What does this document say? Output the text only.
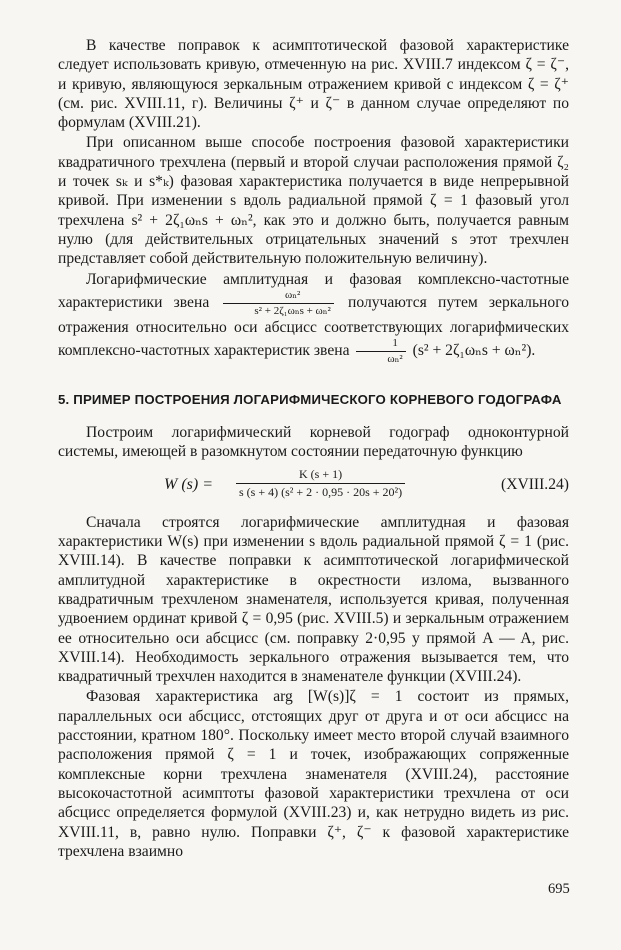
В качестве поправок к асимптотической фазовой характеристике следует использовать кривую, отмеченную на рис. XVIII.7 индексом ζ = ζ⁻, и кривую, являющуюся зеркальным отражением кривой с индексом ζ = ζ⁺ (см. рис. XVIII.11, г). Величины ζ⁺ и ζ⁻ в данном случае определяют по формулам (XVIII.21).

При описанном выше способе построения фазовой характеристики квадратичного трехчлена (первый и второй случаи расположения прямой ζ₂ и точек sₖ и s*ₖ) фазовая характеристика получается в виде непрерывной кривой. При изменении s вдоль радиальной прямой ζ = 1 фазовый угол трехчлена s² + 2ζ₁ωₙs + ωₙ², как это и должно быть, получается равным нулю (для действительных отрицательных значений s этот трехчлен представляет собой действительную положительную величину).

Логарифмические амплитудная и фазовая комплексно-частотные характеристики звена $\frac{\text{ωₙ²}}{\text{s² + 2ζ₁ωₙs + ωₙ²}}$ получаются путем зеркального отражения относительно оси абсцисс соответствующих логарифмических комплексно-частотных характеристик звена $\frac{1}{\text{ωₙ²}} (s^2 + 2\zeta_1\omega_ns + \omega_n^2)$.

5. ПРИМЕР ПОСТРОЕНИЯ ЛОГАРИФМИЧЕСКОГО КОРНЕВОГО ГОДОГРАФА

Построим логарифмический корневой годограф одноконтурной системы, имеющей в разомкнутом состоянии передаточную функцию

W $(s) = \frac{K (s + 1)}{\text{s (s + 4) (s² + 2 · 0,95 · 20s + 20²)}}$	(XVIII.24)

Сначала строятся логарифмические амплитудная и фазовая характеристики W(s) при изменении s вдоль радиальной прямой ζ = 1 (рис. XVIII.14). В качестве поправки к асимптотической логарифмической амплитудной характеристике в окрестности излома, вызванного квадратичным трехчленом знаменателя, используется кривая, полученная удвоением ординат кривой ζ = 0,95 (рис. XVIII.5) и зеркальным отражением ее относительно оси абсцисс (см. поправку 2·0,95 у прямой A — A, рис. XVIII.14). Необходимость зеркального отражения вызывается тем, что квадратичный трехчлен находится в знаменателе функции (XVIII.24).

Фазовая характеристика arg [W(s)]ζ = 1 состоит из прямых, параллельных оси абсцисс, отстоящих друг от друга и от оси абсцисс на расстоянии, кратном 180°. Поскольку имеет место второй случай взаимного расположения прямой ζ = 1 и точек, изображающих сопряженные комплексные корни трехчлена знаменателя (XVIII.24), расстояние высокочастотной асимптоты фазовой характеристики трехчлена от оси абсцисс определяется формулой (XVIII.23) и, как нетрудно видеть из рис. XVIII.11, в, равно нулю. Поправки ζ⁺, ζ⁻ к фазовой характеристике трехчлена взаимно

695
